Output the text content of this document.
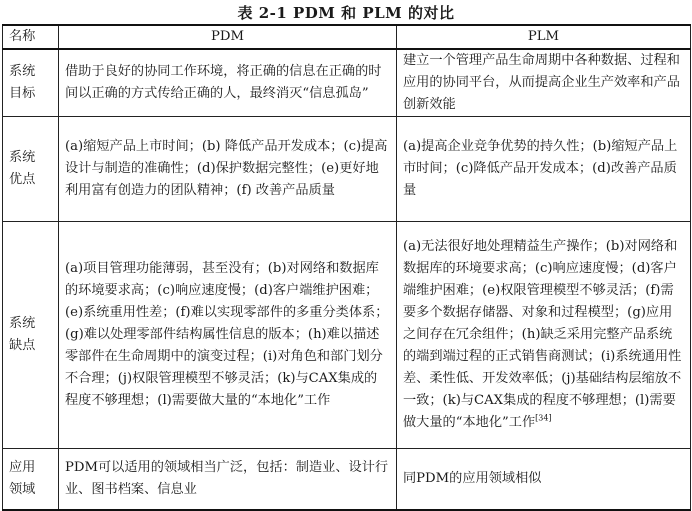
表 2-1 PDM 和 PLM 的对比
名称	PDM	PLM
系统
目标	借助于良好的协同工作环境，将正确的信息在正确的时间以正确的方式传给正确的人，最终消灭“信息孤岛”	建立一个管理产品生命周期中各种数据、过程和应用的协同平台，从而提高企业生产效率和产品创新效能
系统
优点	(a)缩短产品上市时间；(b) 降低产品开发成本；(c)提高设计与制造的准确性；(d)保护数据完整性；(e)更好地利用富有创造力的团队精神；(f) 改善产品质量	(a)提高企业竞争优势的持久性；(b)缩短产品上市时间；(c)降低产品开发成本；(d)改善产品质量
系统
缺点	(a)项目管理功能薄弱，甚至没有；(b)对网络和数据库的环境要求高；(c)响应速度慢；(d)客户端维护困难；(e)系统重用性差；(f)难以实现零部件的多重分类体系；(g)难以处理零部件结构属性信息的版本；(h)难以描述零部件在生命周期中的演变过程；(i)对角色和部门划分不合理；(j)权限管理模型不够灵活；(k)与CAX集成的程度不够理想；(l)需要做大量的“本地化”工作	(a)无法很好地处理精益生产操作；(b)对网络和数据库的环境要求高；(c)响应速度慢；(d)客户端维护困难；(e)权限管理模型不够灵活；(f)需要多个数据存储器、对象和过程模型；(g)应用之间存在冗余组件；(h)缺乏采用完整产品系统的端到端过程的正式销售商测试；(i)系统通用性差、柔性低、开发效率低；(j)基础结构层缩放不一致；(k)与CAX集成的程度不够理想；(l)需要做大量的“本地化”工作[34]
应用
领域	PDM可以适用的领域相当广泛，包括：制造业、设计行业、图书档案、信息业	同PDM的应用领域相似
